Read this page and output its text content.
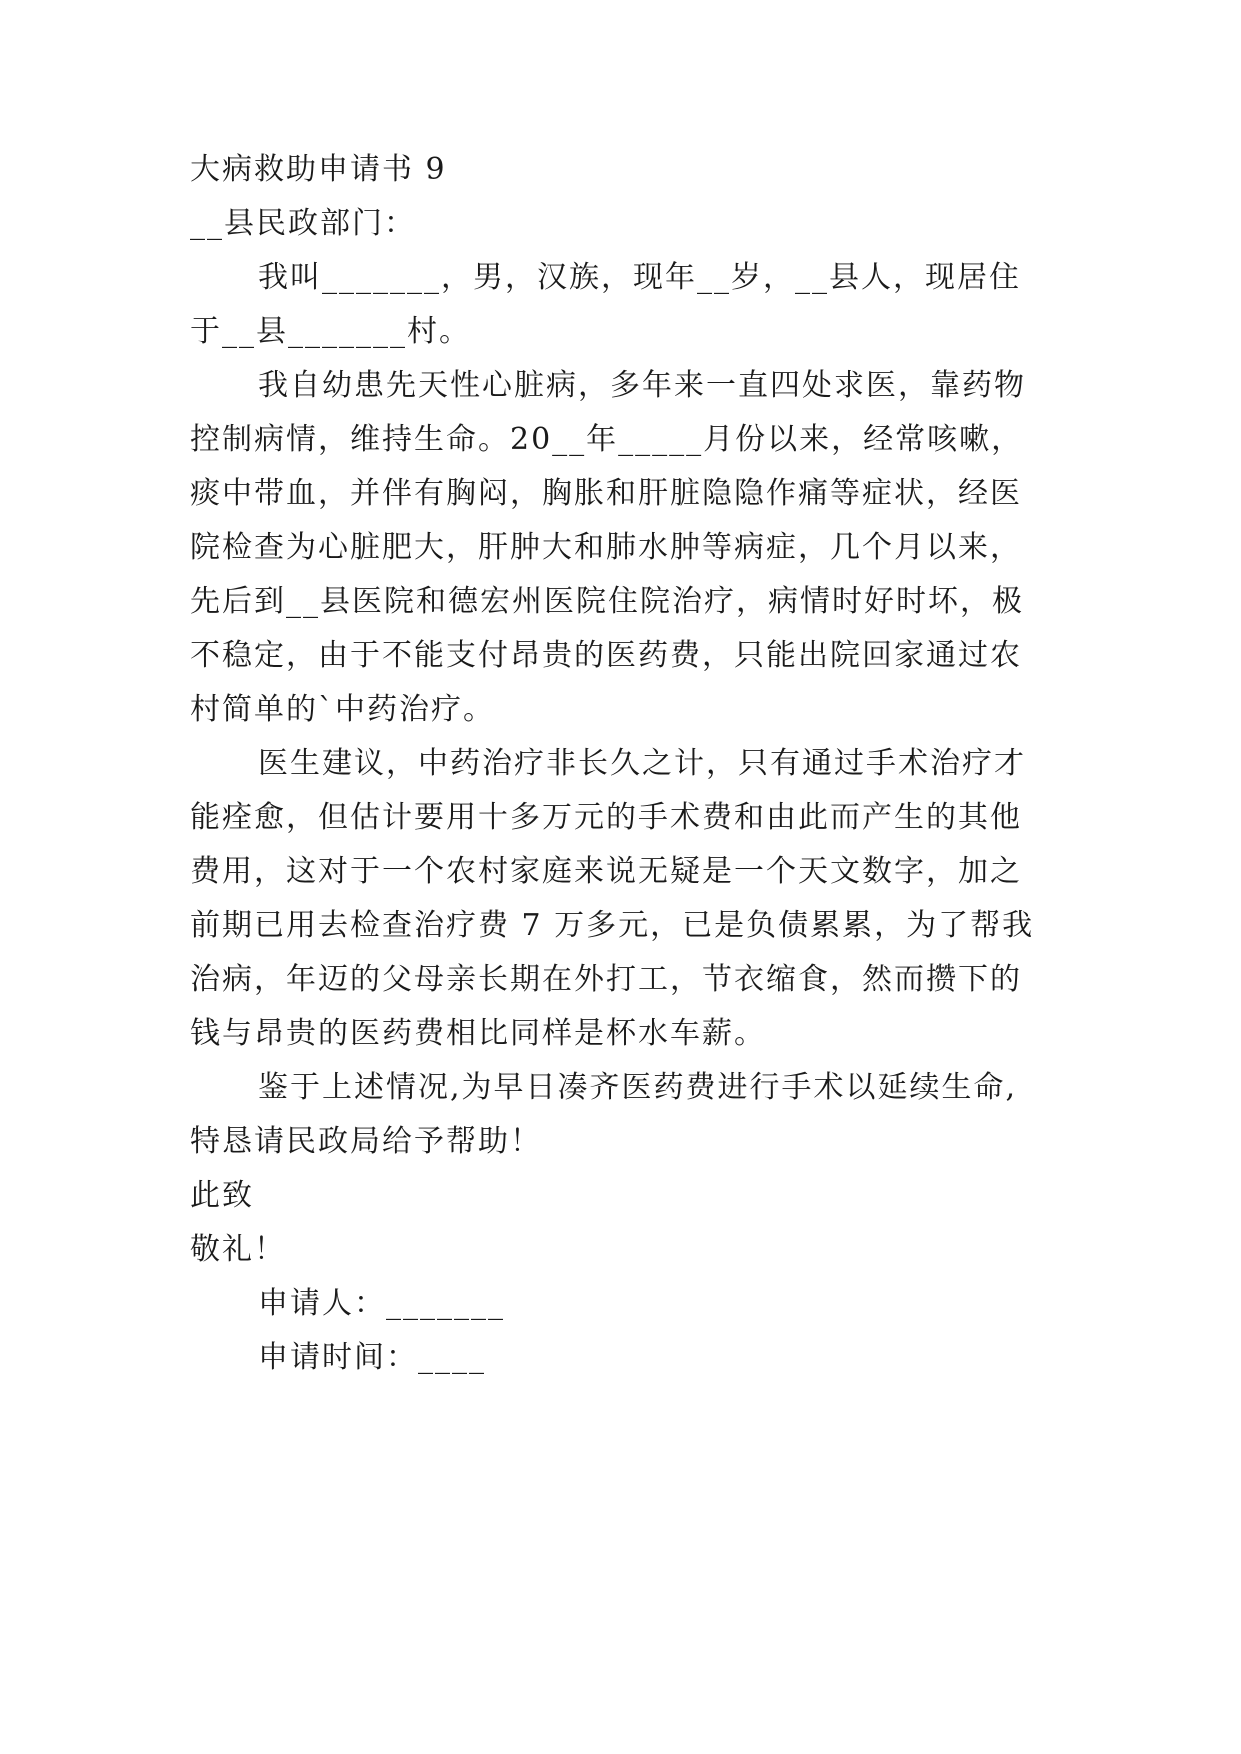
大病救助申请书 9
__县民政部门：
我叫_______，男，汉族，现年__岁，__县人，现居住
于__县_______村。
我自幼患先天性心脏病，多年来一直四处求医，靠药物
控制病情，维持生命。20__年_____月份以来，经常咳嗽，
痰中带血，并伴有胸闷，胸胀和肝脏隐隐作痛等症状，经医
院检查为心脏肥大，肝肿大和肺水肿等病症，几个月以来，
先后到__县医院和德宏州医院住院治疗，病情时好时坏，极
不稳定，由于不能支付昂贵的医药费，只能出院回家通过农
村简单的`中药治疗。
医生建议，中药治疗非长久之计，只有通过手术治疗才
能痊愈，但估计要用十多万元的手术费和由此而产生的其他
费用，这对于一个农村家庭来说无疑是一个天文数字，加之
前期已用去检查治疗费 7 万多元，已是负债累累，为了帮我
治病，年迈的父母亲长期在外打工，节衣缩食，然而攒下的
钱与昂贵的医药费相比同样是杯水车薪。
鉴于上述情况,为早日凑齐医药费进行手术以延续生命,
特恳请民政局给予帮助！
此致
敬礼！
申请人：_______
申请时间：____
